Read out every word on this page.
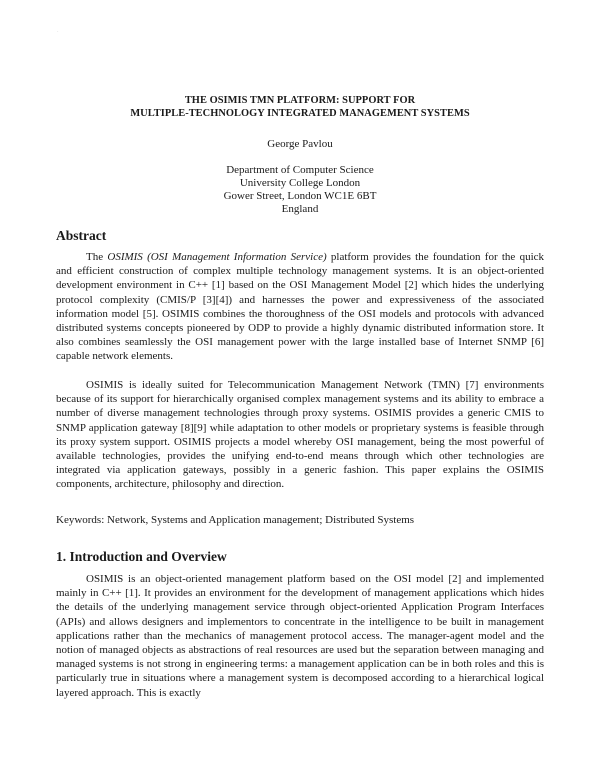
·
THE OSIMIS TMN PLATFORM: SUPPORT FOR
MULTIPLE-TECHNOLOGY INTEGRATED MANAGEMENT SYSTEMS
George Pavlou
Department of Computer Science
University College London
Gower Street, London WC1E 6BT
England
Abstract
The OSIMIS (OSI Management Information Service) platform provides the foundation for the quick and efficient construction of complex multiple technology management systems. It is an object-oriented development environment in C++ [1] based on the OSI Management Model [2] which hides the underlying protocol complexity (CMIS/P [3][4]) and harnesses the power and expressiveness of the associated information model [5]. OSIMIS combines the thoroughness of the OSI models and protocols with advanced distributed systems concepts pioneered by ODP to provide a highly dynamic distributed information store. It also combines seamlessly the OSI management power with the large installed base of Internet SNMP [6] capable network elements.
OSIMIS is ideally suited for Telecommunication Management Network (TMN) [7] environments because of its support for hierarchically organised complex management systems and its ability to embrace a number of diverse management technologies through proxy systems. OSIMIS provides a generic CMIS to SNMP application gateway [8][9] while adaptation to other models or proprietary systems is feasible through its proxy system support. OSIMIS projects a model whereby OSI management, being the most powerful of available technologies, provides the unifying end-to-end means through which other technologies are integrated via application gateways, possibly in a generic fashion. This paper explains the OSIMIS components, architecture, philosophy and direction.
Keywords: Network, Systems and Application management; Distributed Systems
1. Introduction and Overview
OSIMIS is an object-oriented management platform based on the OSI model [2] and implemented mainly in C++ [1]. It provides an environment for the development of management applications which hides the details of the underlying management service through object-oriented Application Program Interfaces (APIs) and allows designers and implementors to concentrate in the intelligence to be built in management applications rather than the mechanics of management protocol access. The manager-agent model and the notion of managed objects as abstractions of real resources are used but the separation between managing and managed systems is not strong in engineering terms: a management application can be in both roles and this is particularly true in situations where a management system is decomposed according to a hierarchical logical layered approach. This is exactly
